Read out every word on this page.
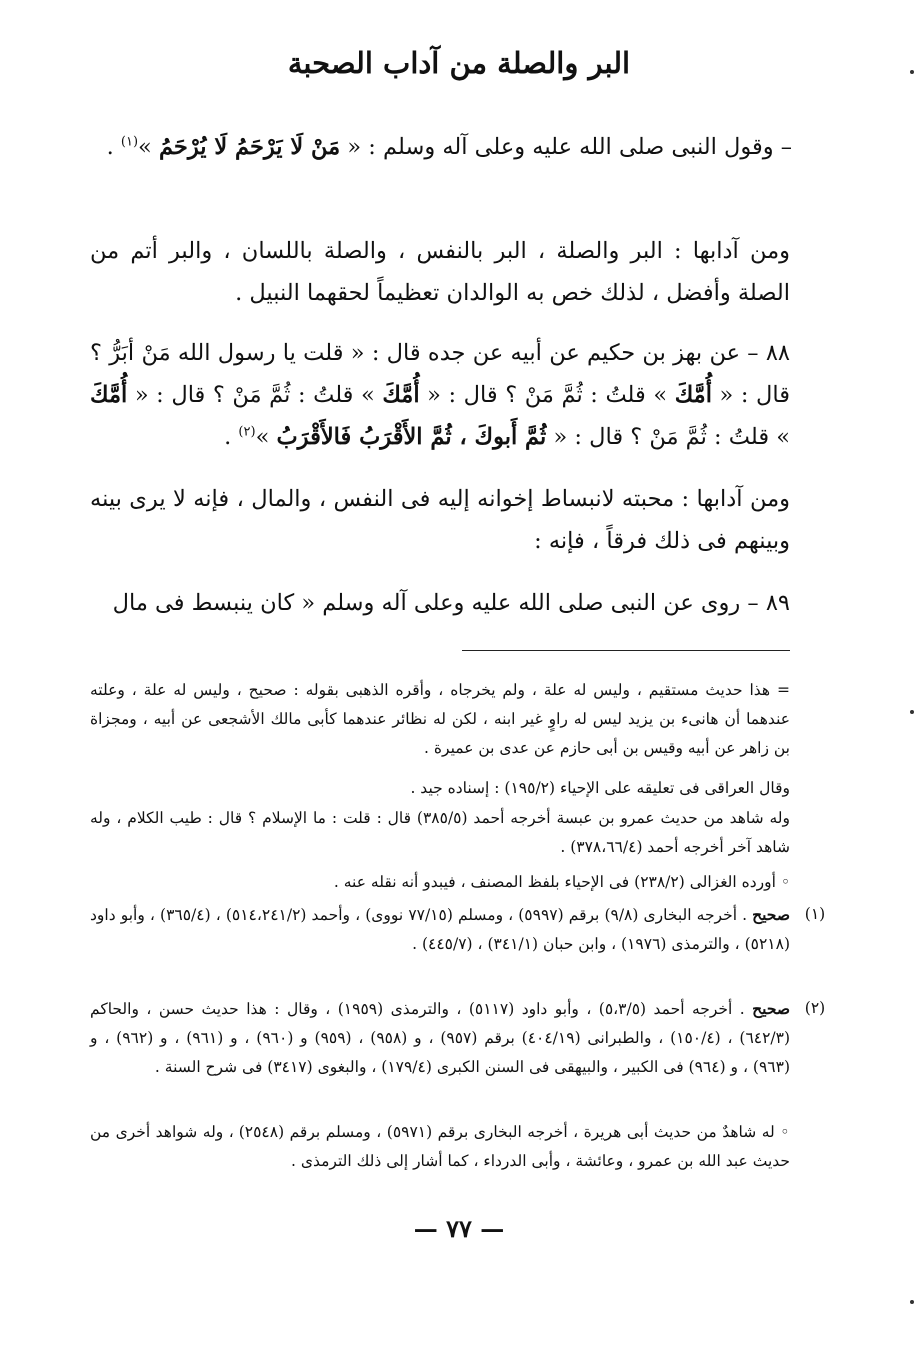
البر والصلة من آداب الصحبة
– وقول النبى صلى الله عليه وعلى آله وسلم : « مَنْ لَا يَرْحَمُ لَا يُرْحَمُ »$^{(١)}$ .
ومن آدابها : البر والصلة ، البر بالنفس ، والصلة باللسان ، والبر أتم من الصلة وأفضل ، لذلك خص به الوالدان تعظيماً لحقهما النبيل .
٨٨ – عن بهز بن حكيم عن أبيه عن جده قال : « قلت يا رسول الله مَنْ أبَرُّ ؟ قال : « أُمَّكَ » قلتُ : ثُمَّ مَنْ ؟ قال : « أُمَّكَ » قلتُ : ثُمَّ مَنْ ؟ قال : « أُمَّكَ » قلتُ : ثُمَّ مَنْ ؟ قال : « ثُمَّ أَبوكَ ، ثُمَّ الأَقْرَبُ فَالأَقْرَبُ »$^{(٢)}$ .
ومن آدابها : محبته لانبساط إخوانه إليه فى النفس ، والمال ، فإنه لا يرى بينه وبينهم فى ذلك فرقاً ، فإنه :
٨٩ – روى عن النبى صلى الله عليه وعلى آله وسلم « كان ينبسط فى مال
= هذا حديث مستقيم ، وليس له علة ، ولم يخرجاه ، وأقره الذهبى بقوله : صحيح ، وليس له علة ، وعلته عندهما أن هانىء بن يزيد ليس له راوٍ غير ابنه ، لكن له نظائر عندهما كأبى مالك الأشجعى عن أبيه ، ومجزاة بن زاهر عن أبيه وقيس بن أبى حازم عن عدى بن عميرة .
وقال العراقى فى تعليقه على الإحياء (١٩٥/٢) : إسناده جيد .
وله شاهد من حديث عمرو بن عبسة أخرجه أحمد (٣٨٥/٥) قال : قلت : ما الإسلام ؟ قال : طيب الكلام ، وله شاهد آخر أخرجه أحمد (٣٧٨،٦٦/٤) .
◦ أورده الغزالى (٢٣٨/٢) فى الإحياء بلفظ المصنف ، فيبدو أنه نقله عنه .
(١)
صحيح . أخرجه البخارى (٩/٨) برقم (٥٩٩٧) ، ومسلم (٧٧/١٥ نووى) ، وأحمد (٥١٤،٢٤١/٢) ، (٣٦٥/٤) ، وأبو داود (٥٢١٨) ، والترمذى (١٩٧٦) ، وابن حبان (٣٤١/١) ، (٤٤٥/٧) .
(٢)
صحيح . أخرجه أحمد (٥،٣/٥) ، وأبو داود (٥١١٧) ، والترمذى (١٩٥٩) ، وقال : هذا حديث حسن ، والحاكم (٦٤٢/٣) ، (١٥٠/٤) ، والطبرانى (٤٠٤/١٩) برقم (٩٥٧) ، و (٩٥٨) ، (٩٥٩) و (٩٦٠) ، و (٩٦١) ، و (٩٦٢) ، و (٩٦٣) ، و (٩٦٤) فى الكبير ، والبيهقى فى السنن الكبرى (١٧٩/٤) ، والبغوى (٣٤١٧) فى شرح السنة .
◦ له شاهدٌ من حديث أبى هريرة ، أخرجه البخارى برقم (٥٩٧١) ، ومسلم برقم (٢٥٤٨) ، وله شواهد أخرى من حديث عبد الله بن عمرو ، وعائشة ، وأبى الدرداء ، كما أشار إلى ذلك الترمذى .
— ٧٧ —
